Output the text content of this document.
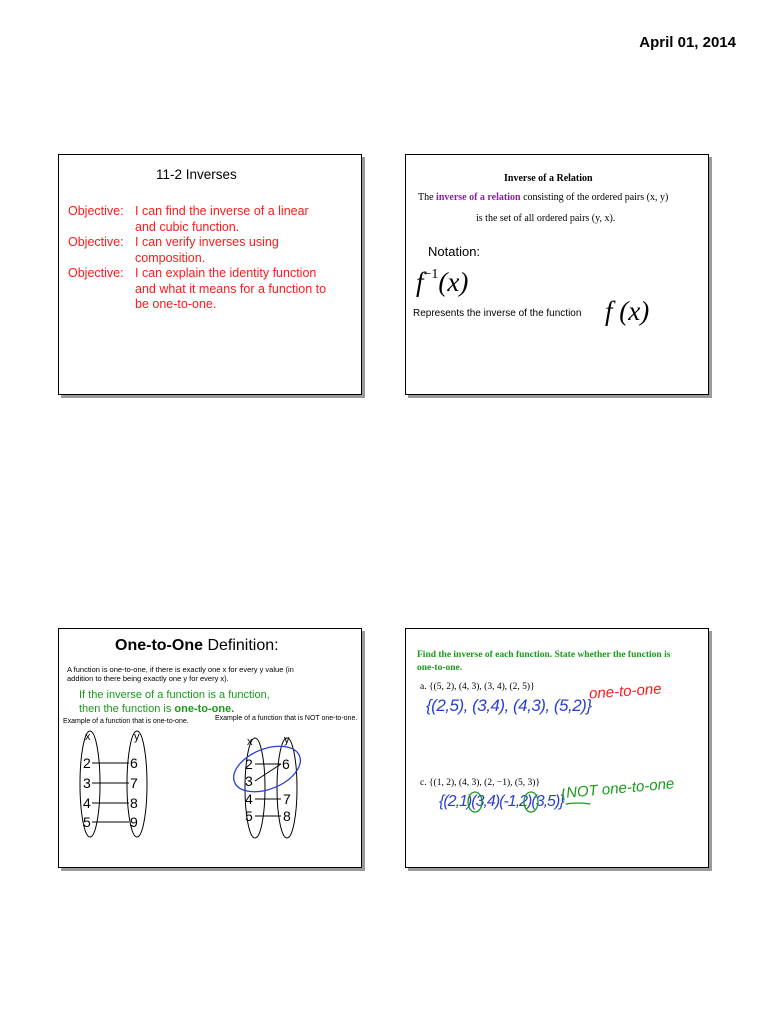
April 01, 2014
11-2 Inverses
Objective: I can find the inverse of a linear
and cubic function.
Objective: I can verify inverses using
composition.
Objective: I can explain the identity function
and what it means for a function to
be one-to-one.
Inverse of a Relation
The inverse of a relation consisting of the ordered pairs (x, y)
is the set of all ordered pairs (y, x).
Notation:
$f^{-1}(x)$
Represents the inverse of the function f (x)
One-to-One Definition:
A function is one-to-one, if there is exactly one x for every y value (in
addition to there being exactly one y for every x).
If the inverse of a function is a function,
then the function is one-to-one.
Example of a function that is one-to-one.	Example of a function that is NOT one-to-one.
x	y
2
3
4
5
6
7
8
9
x	y
2
3
4
5
6
7
8
Find the inverse of each function. State whether the function is
one-to-one.
a. {(5, 2), (4, 3), (3, 4), (2, 5)}
{(2,5), (3,4), (4,3), (5,2)}
one-to-one
c. {(1, 2), (4, 3), (2, −1), (5, 3)}
{(2,1)(3,4)(-1,2)(3,5)} NOT one-to-one
